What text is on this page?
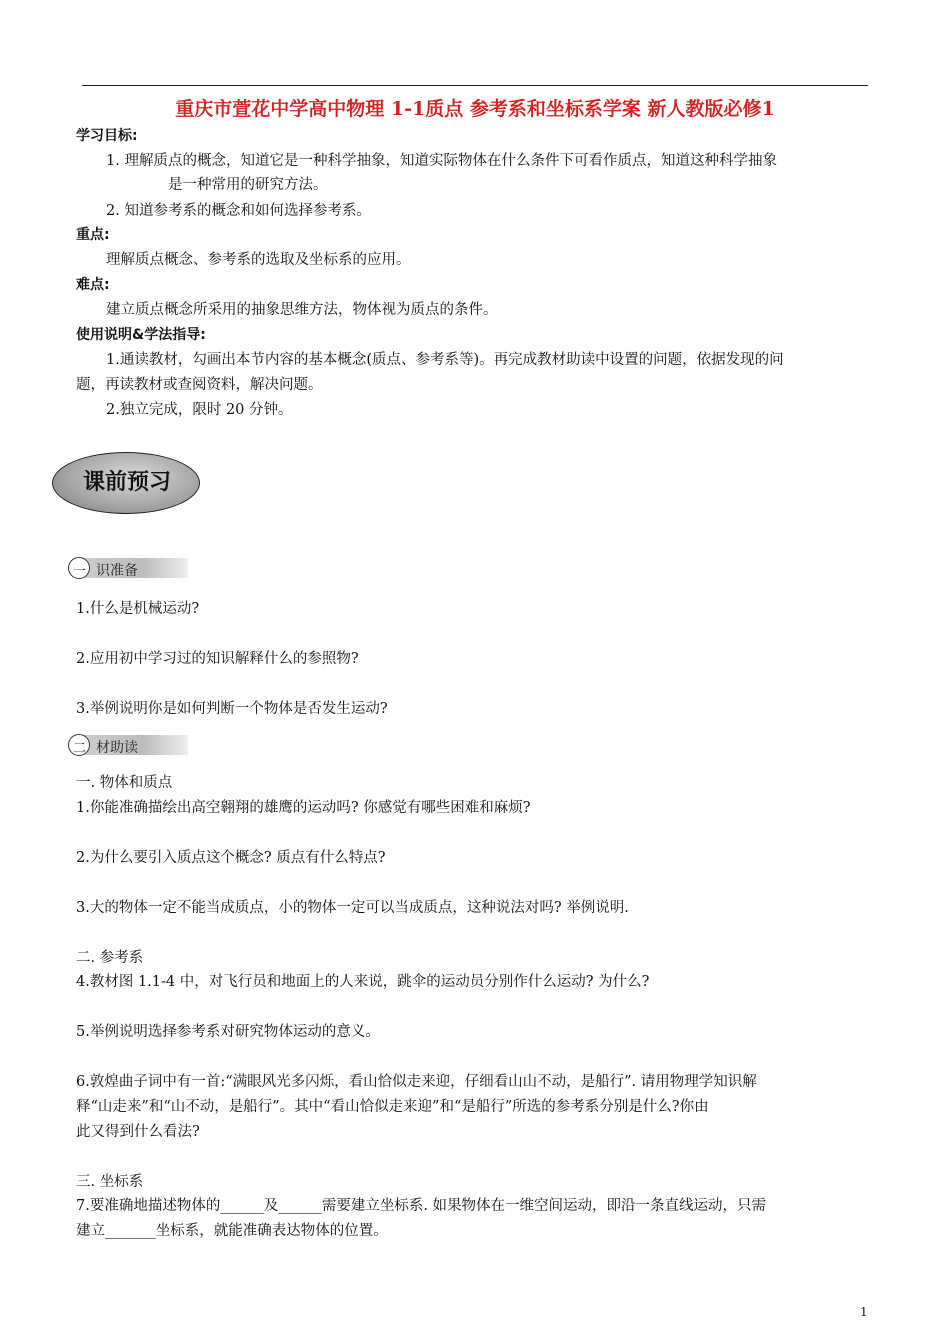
重庆市萱花中学高中物理 1-1质点 参考系和坐标系学案 新人教版必修1
学习目标:
1. 理解质点的概念，知道它是一种科学抽象，知道实际物体在什么条件下可看作质点，知道这种科学抽象
是一种常用的研究方法。
2. 知道参考系的概念和如何选择参考系。
重点:
理解质点概念、参考系的选取及坐标系的应用。
难点:
建立质点概念所采用的抽象思维方法，物体视为质点的条件。
使用说明&学法指导:
1.通读教材，勾画出本节内容的基本概念(质点、参考系等)。再完成教材助读中设置的问题，依据发现的问
题，再读教材或查阅资料，解决问题。
2.独立完成，限时 20 分钟。
课前预习
一 识准备
1.什么是机械运动?
2.应用初中学习过的知识解释什么的参照物?
3.举例说明你是如何判断一个物体是否发生运动?
二 材助读
一. 物体和质点
1.你能准确描绘出高空翱翔的雄鹰的运动吗? 你感觉有哪些困难和麻烦?
2.为什么要引入质点这个概念? 质点有什么特点?
3.大的物体一定不能当成质点，小的物体一定可以当成质点，这种说法对吗? 举例说明.
二. 参考系
4.教材图 1.1-4 中，对飞行员和地面上的人来说，跳伞的运动员分别作什么运动? 为什么?
5.举例说明选择参考系对研究物体运动的意义。
6.敦煌曲子词中有一首:“满眼风光多闪烁，看山恰似走来迎，仔细看山山不动，是船行”. 请用物理学知识解
释“山走来”和“山不动，是船行”。其中“看山恰似走来迎”和“是船行”所选的参考系分别是什么?你由
此又得到什么看法?
三. 坐标系
7.要准确地描述物体的______及______需要建立坐标系. 如果物体在一维空间运动，即沿一条直线运动，只需
建立_______坐标系，就能准确表达物体的位置。
1
